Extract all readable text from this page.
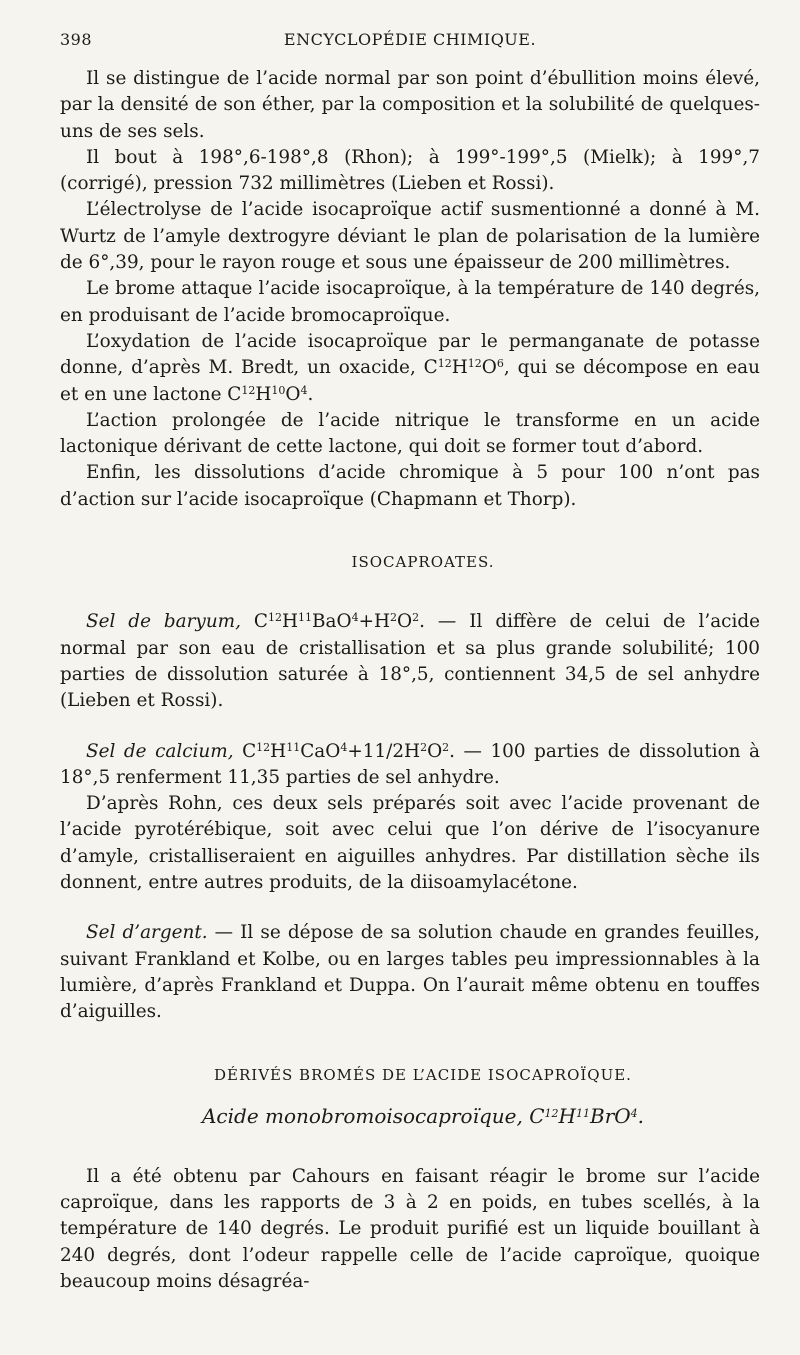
398	ENCYCLOPÉDIE CHIMIQUE.

Il se distingue de l’acide normal par son point d’ébullition moins élevé, par la densité de son éther, par la composition et la solubilité de quelques-uns de ses sels.

Il bout à 198°,6-198°,8 (Rhon); à 199°-199°,5 (Mielk); à 199°,7 (corrigé), pression 732 millimètres (Lieben et Rossi).

L’électrolyse de l’acide isocaproïque actif susmentionné a donné à M. Wurtz de l’amyle dextrogyre déviant le plan de polarisation de la lumière de 6°,39, pour le rayon rouge et sous une épaisseur de 200 millimètres.

Le brome attaque l’acide isocaproïque, à la température de 140 degrés, en produisant de l’acide bromocaproïque.

L’oxydation de l’acide isocaproïque par le permanganate de potasse donne, d’après M. Bredt, un oxacide, $C^{12}H^{12}O^6$, qui se décompose en eau et en une lactone $C^{12}H^{10}O^4$.

L’action prolongée de l’acide nitrique le transforme en un acide lactonique dérivant de cette lactone, qui doit se former tout d’abord.

Enfin, les dissolutions d’acide chromique à 5 pour 100 n’ont pas d’action sur l’acide isocaproïque (Chapmann et Thorp).

ISOCAPROATES.

Sel de baryum, $C^{12}H^{11}BaO^4+H^2O^2$. — Il diffère de celui de l’acide normal par son eau de cristallisation et sa plus grande solubilité; 100 parties de dissolution saturée à 18°,5, contiennent 34,5 de sel anhydre (Lieben et Rossi).

Sel de calcium, $C^{12}H^{11}CaO^4+11/2H^2O^2$. — 100 parties de dissolution à 18°,5 renferment 11,35 parties de sel anhydre.

D’après Rohn, ces deux sels préparés soit avec l’acide provenant de l’acide pyrotérébique, soit avec celui que l’on dérive de l’isocyanure d’amyle, cristalliseraient en aiguilles anhydres. Par distillation sèche ils donnent, entre autres produits, de la diisoamylacétone.

Sel d’argent. — Il se dépose de sa solution chaude en grandes feuilles, suivant Frankland et Kolbe, ou en larges tables peu impressionnables à la lumière, d’après Frankland et Duppa. On l’aurait même obtenu en touffes d’aiguilles.

DÉRIVÉS BROMÉS DE L’ACIDE ISOCAPROÏQUE.

Acide monobromoisocaproïque, $C^{12}H^{11}BrO^4$.

Il a été obtenu par Cahours en faisant réagir le brome sur l’acide caproïque, dans les rapports de 3 à 2 en poids, en tubes scellés, à la température de 140 degrés. Le produit purifié est un liquide bouillant à 240 degrés, dont l’odeur rappelle celle de l’acide caproïque, quoique beaucoup moins désagréa-
